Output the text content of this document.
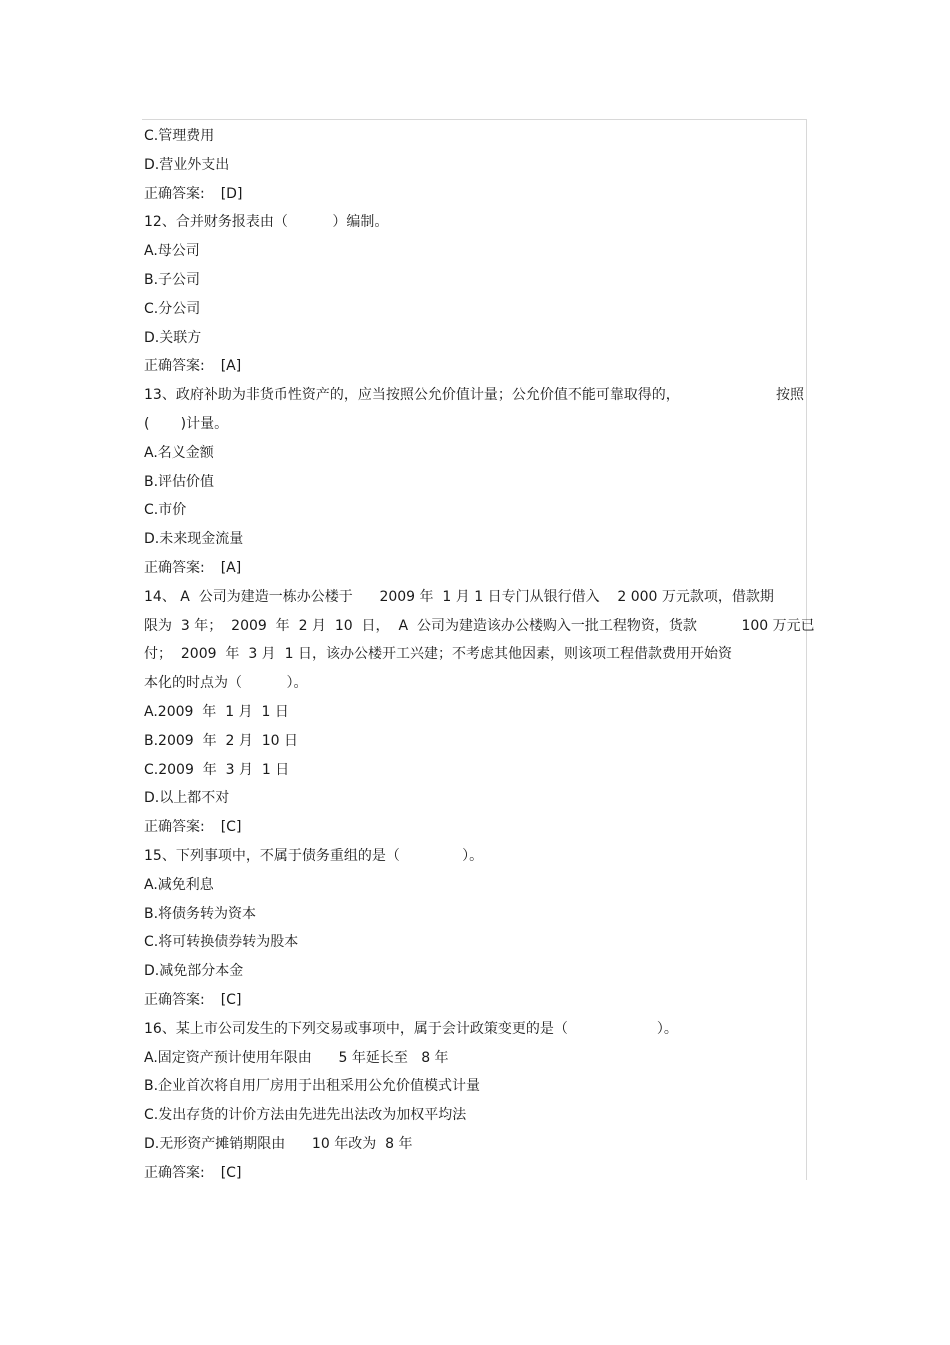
C.管理费用
D.营业外支出
正确答案: [D]
12、合并财务报表由（          ）编制。
A.母公司
B.子公司
C.分公司
D.关联方
正确答案: [A]
13、政府补助为非货币性资产的，应当按照公允价值计量；公允价值不能可靠取得的，	按照
(       )计量。
A.名义金额
B.评估价值
C.市价
D.未来现金流量
正确答案: [A]
14、 A  公司为建造一栋办公楼于      2009 年  1 月 1 日专门从银行借入    2 000 万元款项，借款期
限为  3 年；  2009  年  2 月  10  日，  A  公司为建造该办公楼购入一批工程物资，货款          100 万元已
付；  2009  年  3 月  1 日，该办公楼开工兴建；不考虑其他因素，则该项工程借款费用开始资
本化的时点为（          ）。
A.2009  年  1 月  1 日
B.2009  年  2 月  10 日
C.2009  年  3 月  1 日
D.以上都不对
正确答案: [C]
15、下列事项中，不属于债务重组的是（              ）。
A.减免利息
B.将债务转为资本
C.将可转换债券转为股本
D.减免部分本金
正确答案: [C]
16、某上市公司发生的下列交易或事项中，属于会计政策变更的是（                    ）。
A.固定资产预计使用年限由      5 年延长至   8 年
B.企业首次将自用厂房用于出租采用公允价值模式计量
C.发出存货的计价方法由先进先出法改为加权平均法
D.无形资产摊销期限由      10 年改为  8 年
正确答案: [C]
